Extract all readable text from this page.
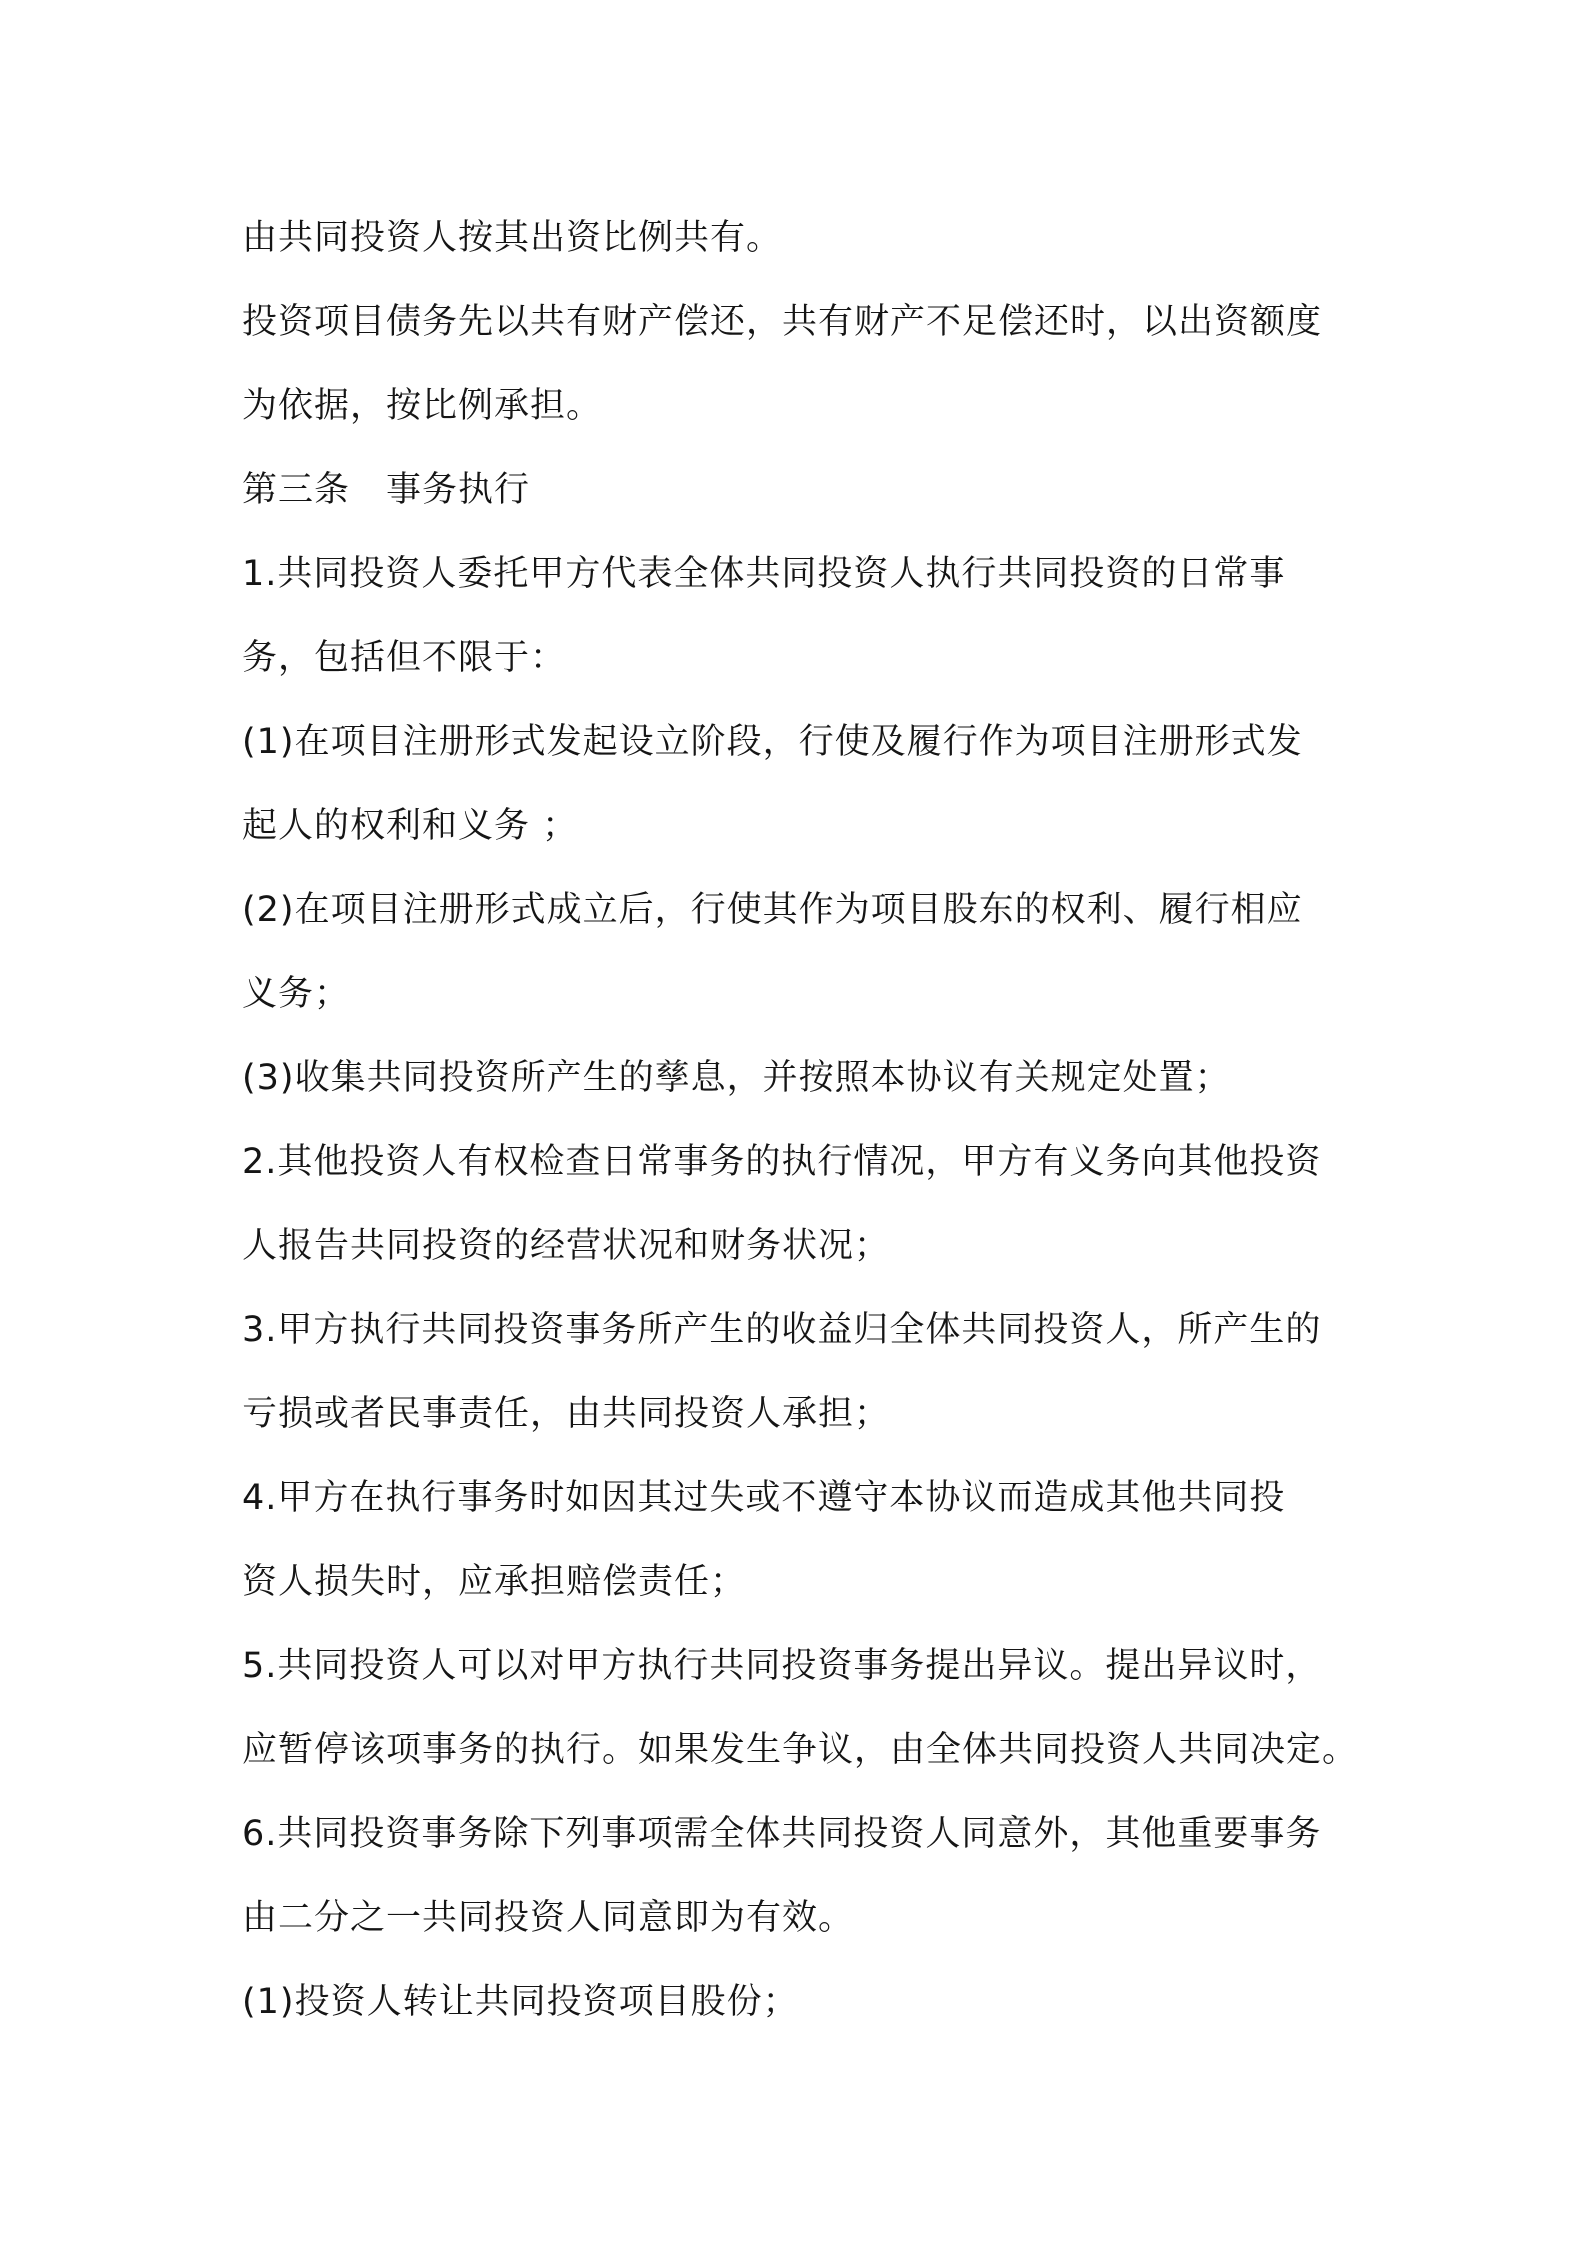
由共同投资人按其出资比例共有。

投资项目债务先以共有财产偿还，共有财产不足偿还时，以出资额度

为依据，按比例承担。

第三条　事务执行

1.共同投资人委托甲方代表全体共同投资人执行共同投资的日常事

务，包括但不限于：

(1)在项目注册形式发起设立阶段，行使及履行作为项目注册形式发

起人的权利和义务 ；

(2)在项目注册形式成立后，行使其作为项目股东的权利、履行相应

义务；

(3)收集共同投资所产生的孳息，并按照本协议有关规定处置；

2.其他投资人有权检查日常事务的执行情况，甲方有义务向其他投资

人报告共同投资的经营状况和财务状况；

3.甲方执行共同投资事务所产生的收益归全体共同投资人，所产生的

亏损或者民事责任，由共同投资人承担；

4.甲方在执行事务时如因其过失或不遵守本协议而造成其他共同投

资人损失时，应承担赔偿责任；

5.共同投资人可以对甲方执行共同投资事务提出异议。提出异议时，

应暂停该项事务的执行。如果发生争议，由全体共同投资人共同决定。

6.共同投资事务除下列事项需全体共同投资人同意外，其他重要事务

由二分之一共同投资人同意即为有效。

(1)投资人转让共同投资项目股份；
